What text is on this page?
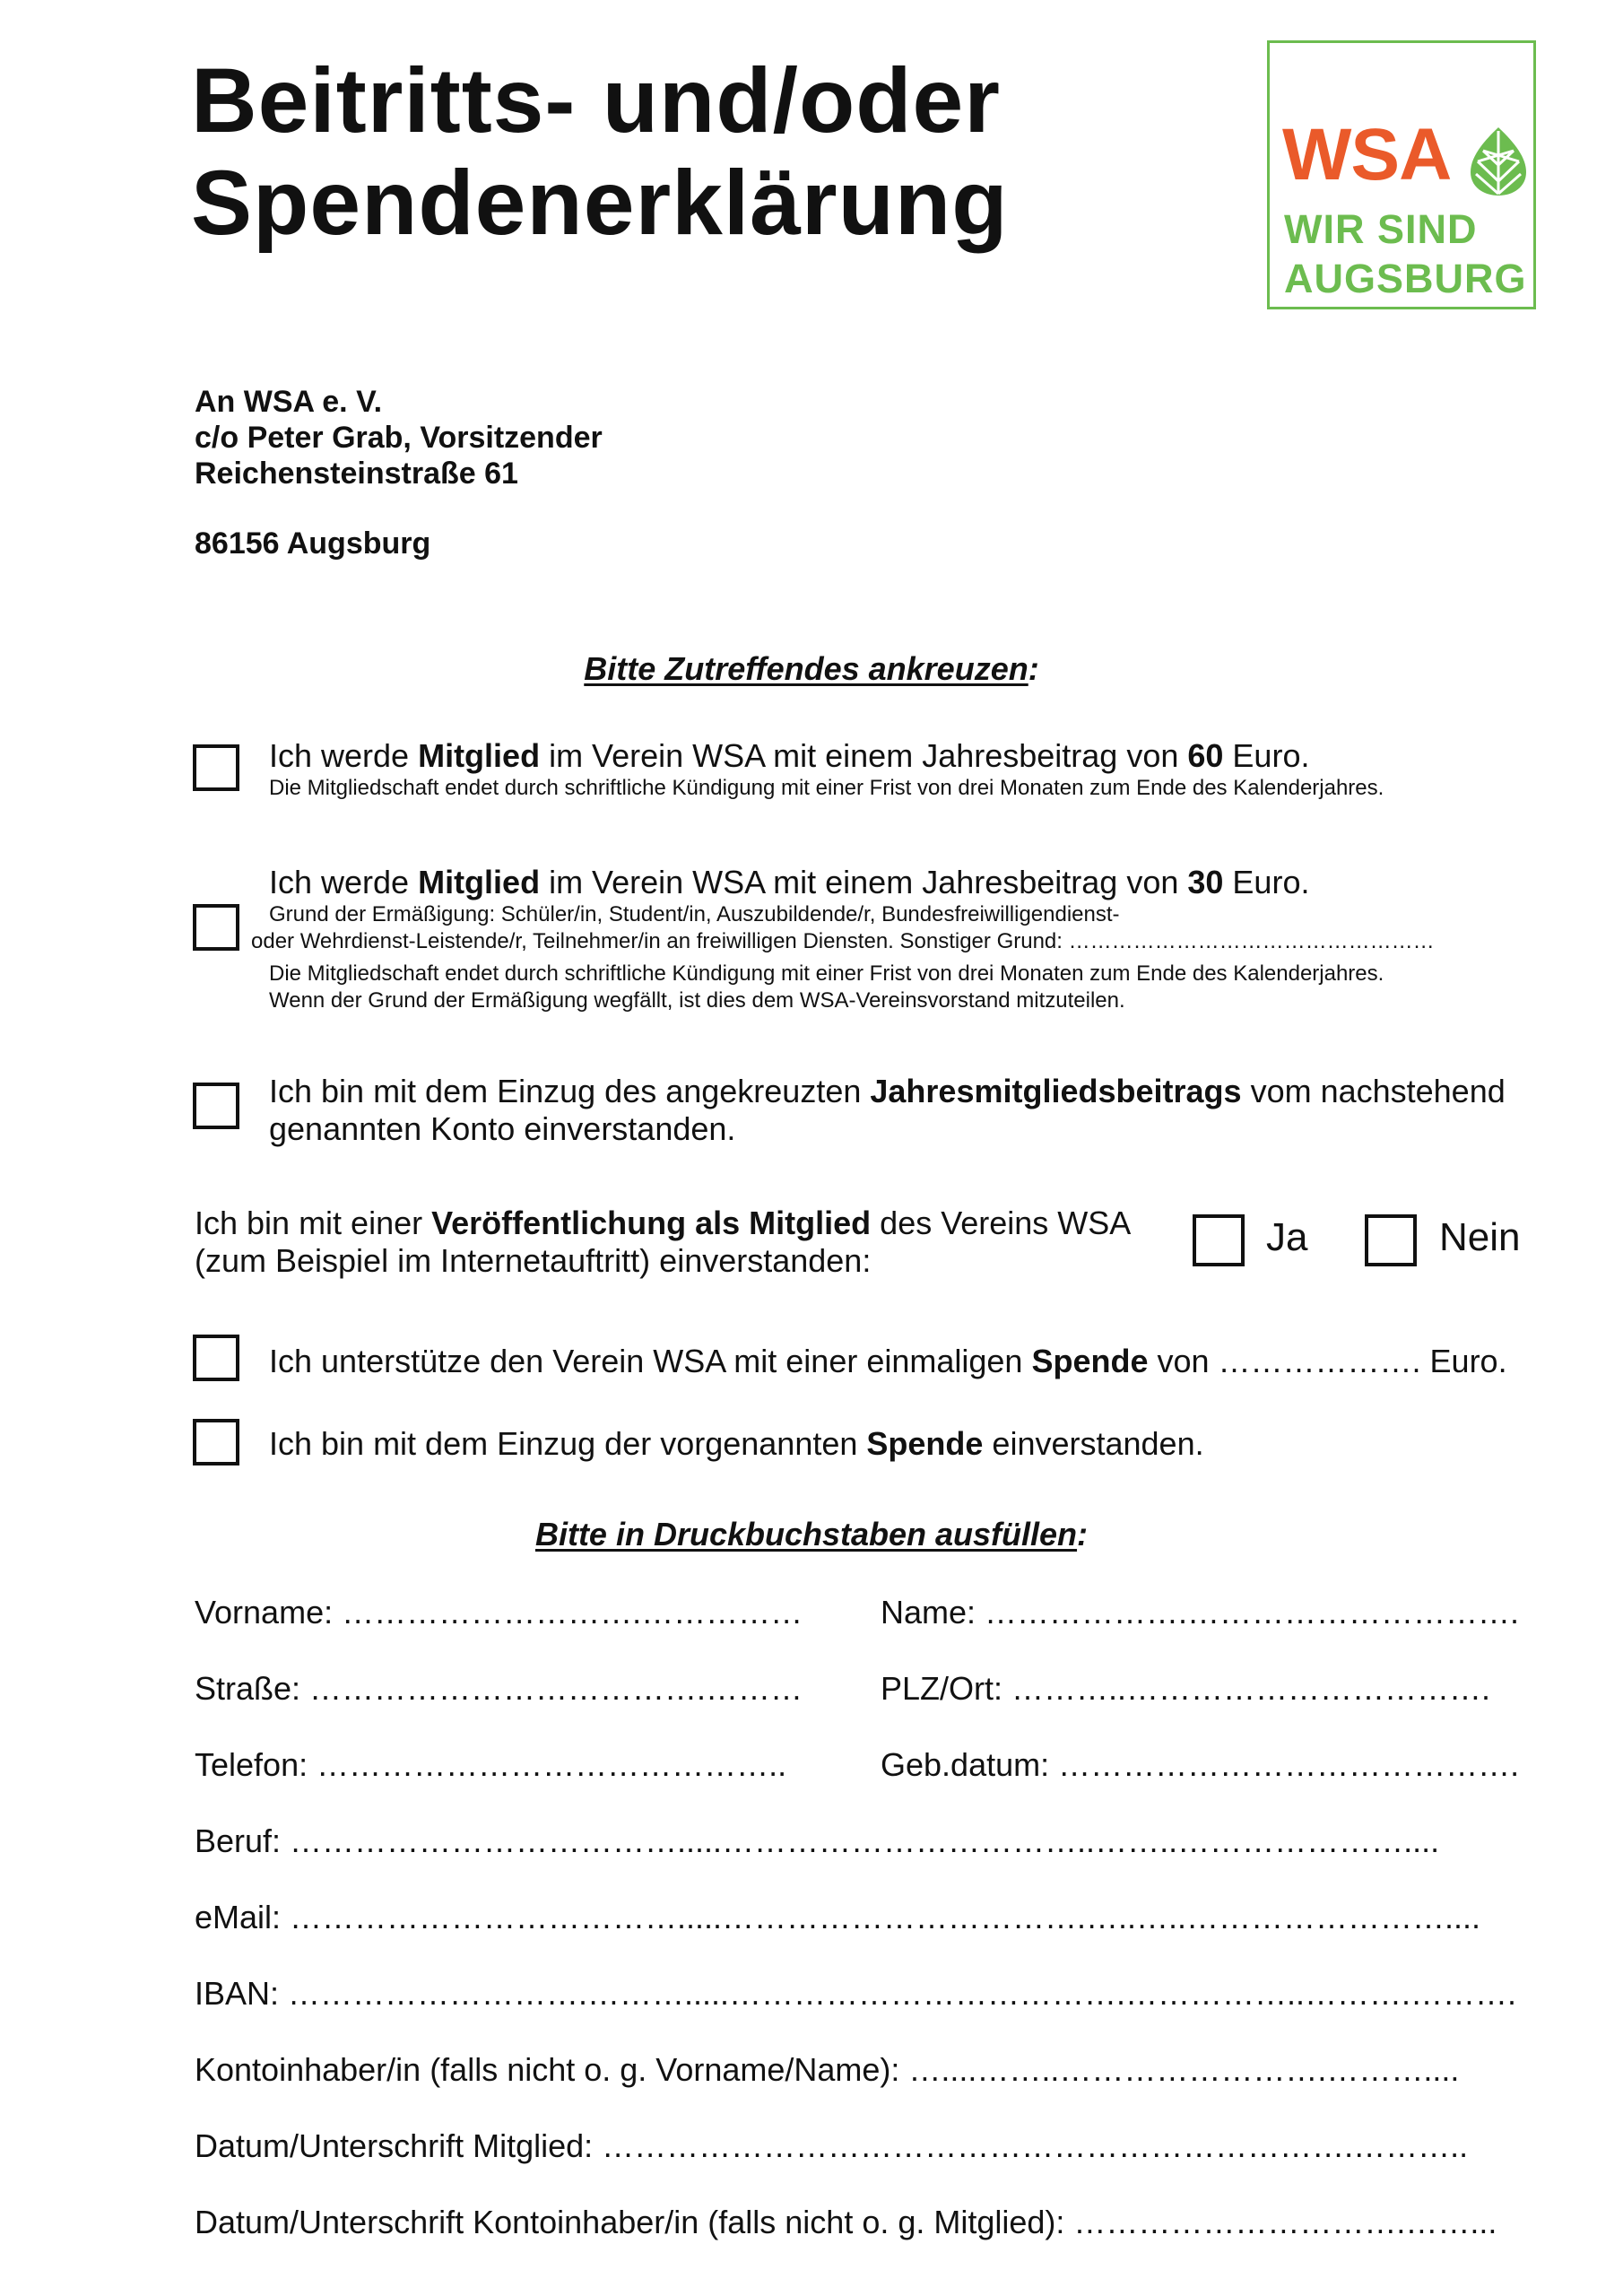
Beitritts- und/oder
Spendenerklärung	WSA
WIR SIND
AUGSBURG
An WSA e. V.
c/o Peter Grab, Vorsitzender
Reichensteinstraße 61
86156 Augsburg
Bitte Zutreffendes ankreuzen:
Ich werde Mitglied im Verein WSA mit einem Jahresbeitrag von 60 Euro.
Die Mitgliedschaft endet durch schriftliche Kündigung mit einer Frist von drei Monaten zum Ende des Kalenderjahres.
Ich werde Mitglied im Verein WSA mit einem Jahresbeitrag von 30 Euro.
Grund der Ermäßigung: Schüler/in, Student/in, Auszubildende/r, Bundesfreiwilligendienst-
oder Wehrdienst-Leistende/r, Teilnehmer/in an freiwilligen Diensten. Sonstiger Grund: ……………………………………………
Die Mitgliedschaft endet durch schriftliche Kündigung mit einer Frist von drei Monaten zum Ende des Kalenderjahres.
Wenn der Grund der Ermäßigung wegfällt, ist dies dem WSA-Vereinsvorstand mitzuteilen.
Ich bin mit dem Einzug des angekreuzten Jahresmitgliedsbeitrags vom nachstehend
genannten Konto einverstanden.
Ich bin mit einer Veröffentlichung als Mitglied des Vereins WSA
(zum Beispiel im Internetauftritt) einverstanden:
Ja	Nein
Ich unterstütze den Verein WSA mit einer einmaligen Spende von ………………. Euro.
Ich bin mit dem Einzug der vorgenannten Spende einverstanden.
Bitte in Druckbuchstaben ausfüllen:
Vorname: ……………………….…………… Name: ……………….………………………….
Straße: ……………………………….……… PLZ/Ort: ………..…………………………….
Telefon: ……………………………………..	Geb.datum: …………………………………….
Beruf: ……………………………….....……………………………..……..…………………....
eMail: ……………………………….....…………………………….…..…..……………………....
IBAN: ……………………….……….....……………………………….……………..……….……….
Kontoinhaber/in (falls nicht o. g. Vorname/Name): …....……..…………………….………....
Datum/Unterschrift Mitglied: …………………………………………………………….………..
Datum/Unterschrift Kontoinhaber/in (falls nicht o. g. Mitglied): ………………………….……...
